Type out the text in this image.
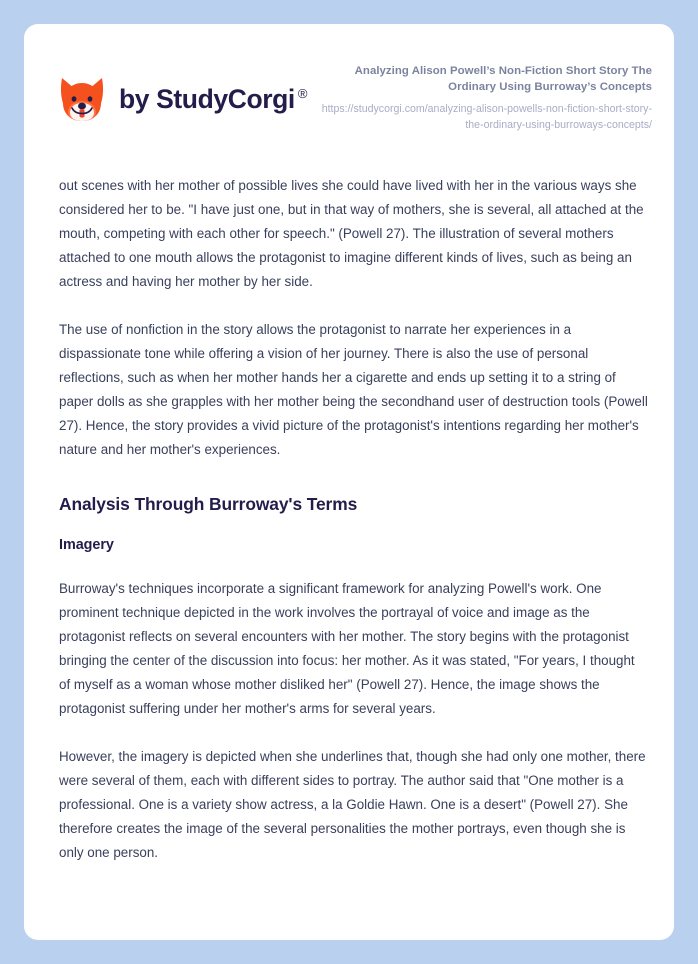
by StudyCorgi ®
Analyzing Alison Powell’s Non-Fiction Short Story The Ordinary Using Burroway’s Concepts
https://studycorgi.com/analyzing-alison-powells-non-fiction-short-story-the-ordinary-using-burroways-concepts/

out scenes with her mother of possible lives she could have lived with her in the various ways she considered her to be. "I have just one, but in that way of mothers, she is several, all attached at the mouth, competing with each other for speech." (Powell 27). The illustration of several mothers attached to one mouth allows the protagonist to imagine different kinds of lives, such as being an actress and having her mother by her side.

The use of nonfiction in the story allows the protagonist to narrate her experiences in a dispassionate tone while offering a vision of her journey. There is also the use of personal reflections, such as when her mother hands her a cigarette and ends up setting it to a string of paper dolls as she grapples with her mother being the secondhand user of destruction tools (Powell 27). Hence, the story provides a vivid picture of the protagonist's intentions regarding her mother's nature and her mother's experiences.

Analysis Through Burroway's Terms
Imagery

Burroway's techniques incorporate a significant framework for analyzing Powell's work. One prominent technique depicted in the work involves the portrayal of voice and image as the protagonist reflects on several encounters with her mother. The story begins with the protagonist bringing the center of the discussion into focus: her mother. As it was stated, "For years, I thought of myself as a woman whose mother disliked her" (Powell 27). Hence, the image shows the protagonist suffering under her mother's arms for several years.

However, the imagery is depicted when she underlines that, though she had only one mother, there were several of them, each with different sides to portray. The author said that "One mother is a professional. One is a variety show actress, a la Goldie Hawn. One is a desert" (Powell 27). She therefore creates the image of the several personalities the mother portrays, even though she is only one person.
